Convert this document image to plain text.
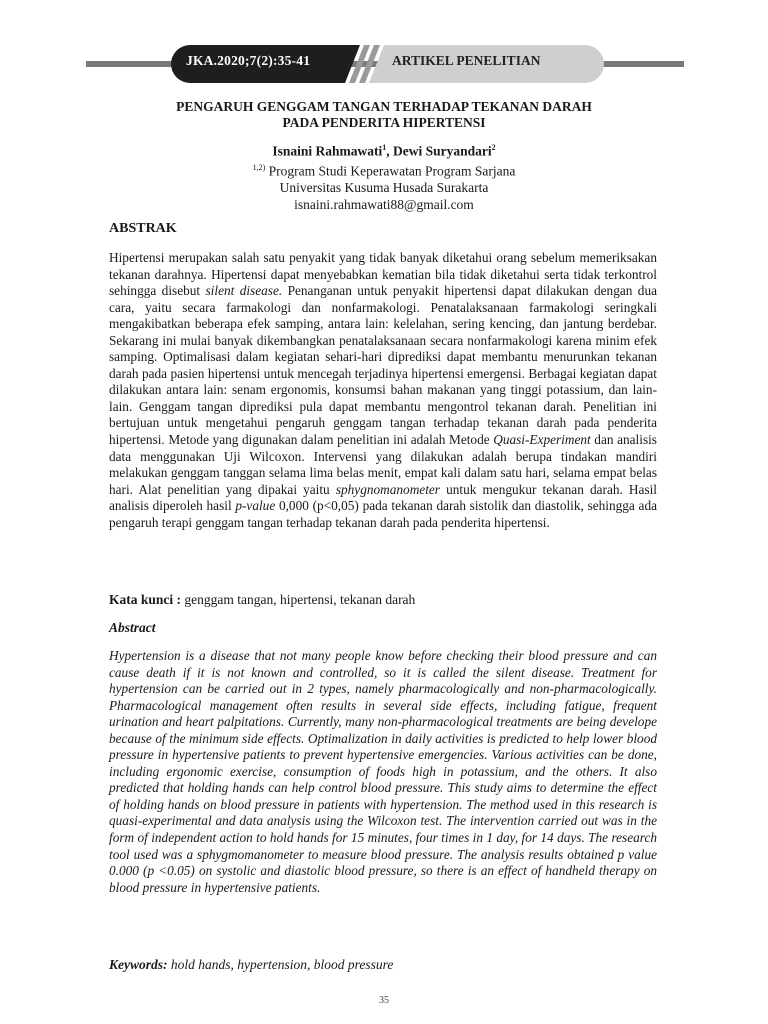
JKA.2020;7(2):35-41	ARTIKEL PENELITIAN
PENGARUH GENGGAM TANGAN TERHADAP TEKANAN DARAH
PADA PENDERITA HIPERTENSI
Isnaini Rahmawati$^1$, Dewi Suryandari$^2$
$^{1,2)}$ Program Studi Keperawatan Program Sarjana
Universitas Kusuma Husada Surakarta
isnaini.rahmawati88@gmail.com
ABSTRAK

Hipertensi merupakan salah satu penyakit yang tidak banyak diketahui orang sebelum memeriksakan tekanan darahnya. Hipertensi dapat menyebabkan kematian bila tidak diketahui serta tidak terkontrol sehingga disebut silent disease. Penanganan untuk penyakit hipertensi dapat dilakukan dengan dua cara, yaitu secara farmakologi dan nonfarmakologi. Penatalaksanaan farmakologi seringkali mengakibatkan beberapa efek samping, antara lain: kelelahan, sering kencing, dan jantung berdebar. Sekarang ini mulai banyak dikembangkan penatalaksanaan secara nonfarmakologi karena minim efek samping. Optimalisasi dalam kegiatan sehari-hari diprediksi dapat membantu menurunkan tekanan darah pada pasien hipertensi untuk mencegah terjadinya hipertensi emergensi. Berbagai kegiatan dapat dilakukan antara lain: senam ergonomis, konsumsi bahan makanan yang tinggi potassium, dan lain-lain. Genggam tangan diprediksi pula dapat membantu mengontrol tekanan darah. Penelitian ini bertujuan untuk mengetahui pengaruh genggam tangan terhadap tekanan darah pada penderita hipertensi. Metode yang digunakan dalam penelitian ini adalah Metode Quasi-Experiment dan analisis data menggunakan Uji Wilcoxon. Intervensi yang dilakukan adalah berupa tindakan mandiri melakukan genggam tanggan selama lima belas menit, empat kali dalam satu hari, selama empat belas hari. Alat penelitian yang dipakai yaitu sphygnomanometer untuk mengukur tekanan darah. Hasil analisis diperoleh hasil p-value 0,000 (p<0,05) pada tekanan darah sistolik dan diastolik, sehingga ada pengaruh terapi genggam tangan terhadap tekanan darah pada penderita hipertensi.

Kata kunci : genggam tangan, hipertensi, tekanan darah
Abstract

Hypertension is a disease that not many people know before checking their blood pressure and can cause death if it is not known and controlled, so it is called the silent disease. Treatment for hypertension can be carried out in 2 types, namely pharmacologically and non-pharmacologically. Pharmacological management often results in several side effects, including fatigue, frequent urination and heart palpitations. Currently, many non-pharmacological treatments are being develope because of the minimum side effects. Optimalization in daily activities is predicted to help lower blood pressure in hypertensive patients to prevent hypertensive emergencies. Various activities can be done, including ergonomic exercise, consumption of foods high in potassium, and the others. It also predicted that holding hands can help control blood pressure. This study aims to determine the effect of holding hands on blood pressure in patients with hypertension. The method used in this research is quasi-experimental and data analysis using the Wilcoxon test. The intervention carried out was in the form of independent action to hold hands for 15 minutes, four times in 1 day, for 14 days. The research tool used was a sphygmomanometer to measure blood pressure. The analysis results obtained p value 0.000 (p <0.05) on systolic and diastolic blood pressure, so there is an effect of handheld therapy on blood pressure in hypertensive patients.

Keywords: hold hands, hypertension, blood pressure
35
